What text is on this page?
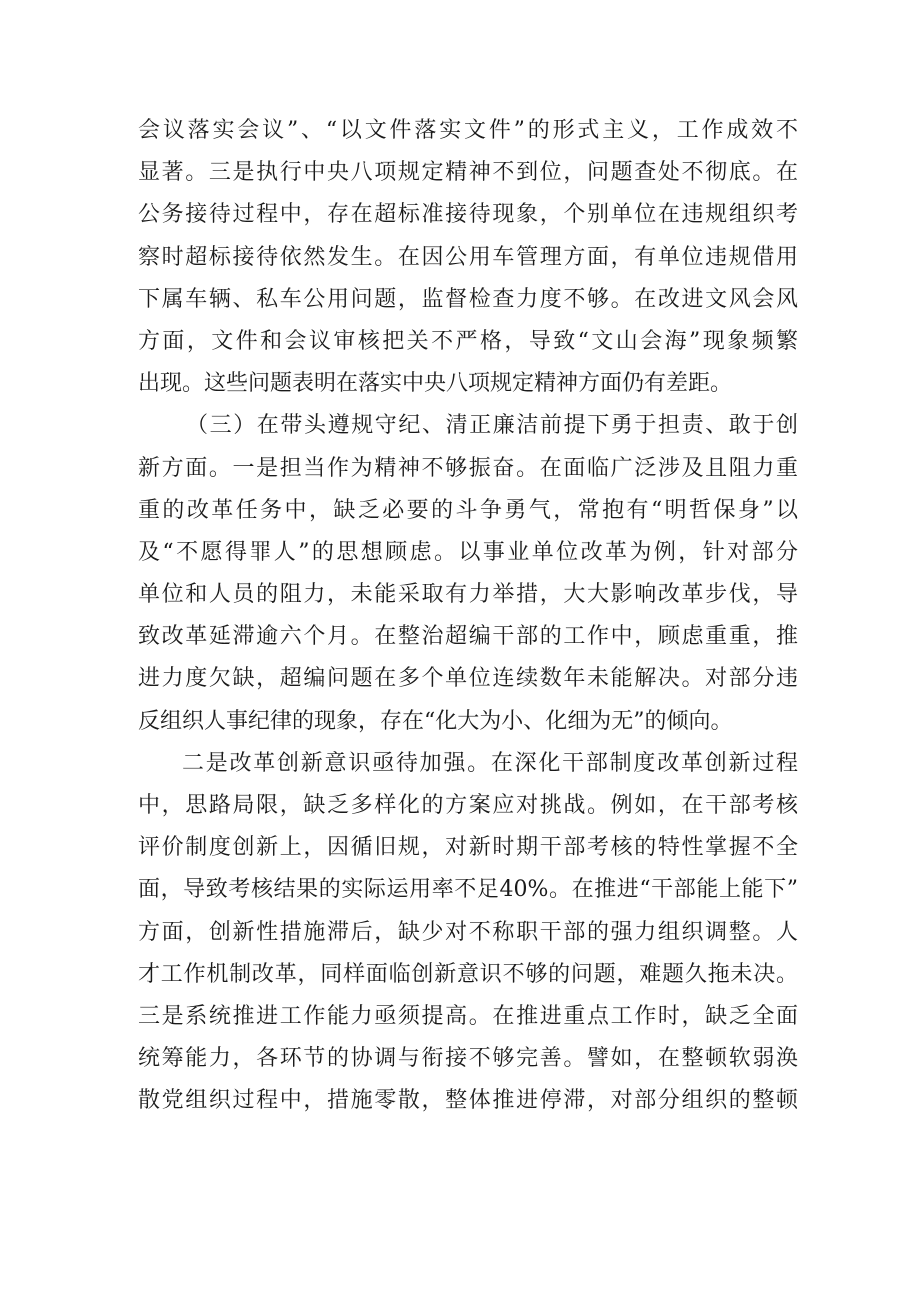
会议落实会议”、“以文件落实文件”的形式主义，工作成效不
显著。三是执行中央八项规定精神不到位，问题查处不彻底。在
公务接待过程中，存在超标准接待现象，个别单位在违规组织考
察时超标接待依然发生。在因公用车管理方面，有单位违规借用
下属车辆、私车公用问题，监督检查力度不够。在改进文风会风
方面，文件和会议审核把关不严格，导致“文山会海”现象频繁
出现。这些问题表明在落实中央八项规定精神方面仍有差距。
（三）在带头遵规守纪、清正廉洁前提下勇于担责、敢于创
新方面。一是担当作为精神不够振奋。在面临广泛涉及且阻力重
重的改革任务中，缺乏必要的斗争勇气，常抱有“明哲保身”以
及“不愿得罪人”的思想顾虑。以事业单位改革为例，针对部分
单位和人员的阻力，未能采取有力举措，大大影响改革步伐，导
致改革延滞逾六个月。在整治超编干部的工作中，顾虑重重，推
进力度欠缺，超编问题在多个单位连续数年未能解决。对部分违
反组织人事纪律的现象，存在“化大为小、化细为无”的倾向。
二是改革创新意识亟待加强。在深化干部制度改革创新过程
中，思路局限，缺乏多样化的方案应对挑战。例如，在干部考核
评价制度创新上，因循旧规，对新时期干部考核的特性掌握不全
面，导致考核结果的实际运用率不足40%。在推进“干部能上能下”
方面，创新性措施滞后，缺少对不称职干部的强力组织调整。人
才工作机制改革，同样面临创新意识不够的问题，难题久拖未决。
三是系统推进工作能力亟须提高。在推进重点工作时，缺乏全面
统筹能力，各环节的协调与衔接不够完善。譬如，在整顿软弱涣
散党组织过程中，措施零散，整体推进停滞，对部分组织的整顿
